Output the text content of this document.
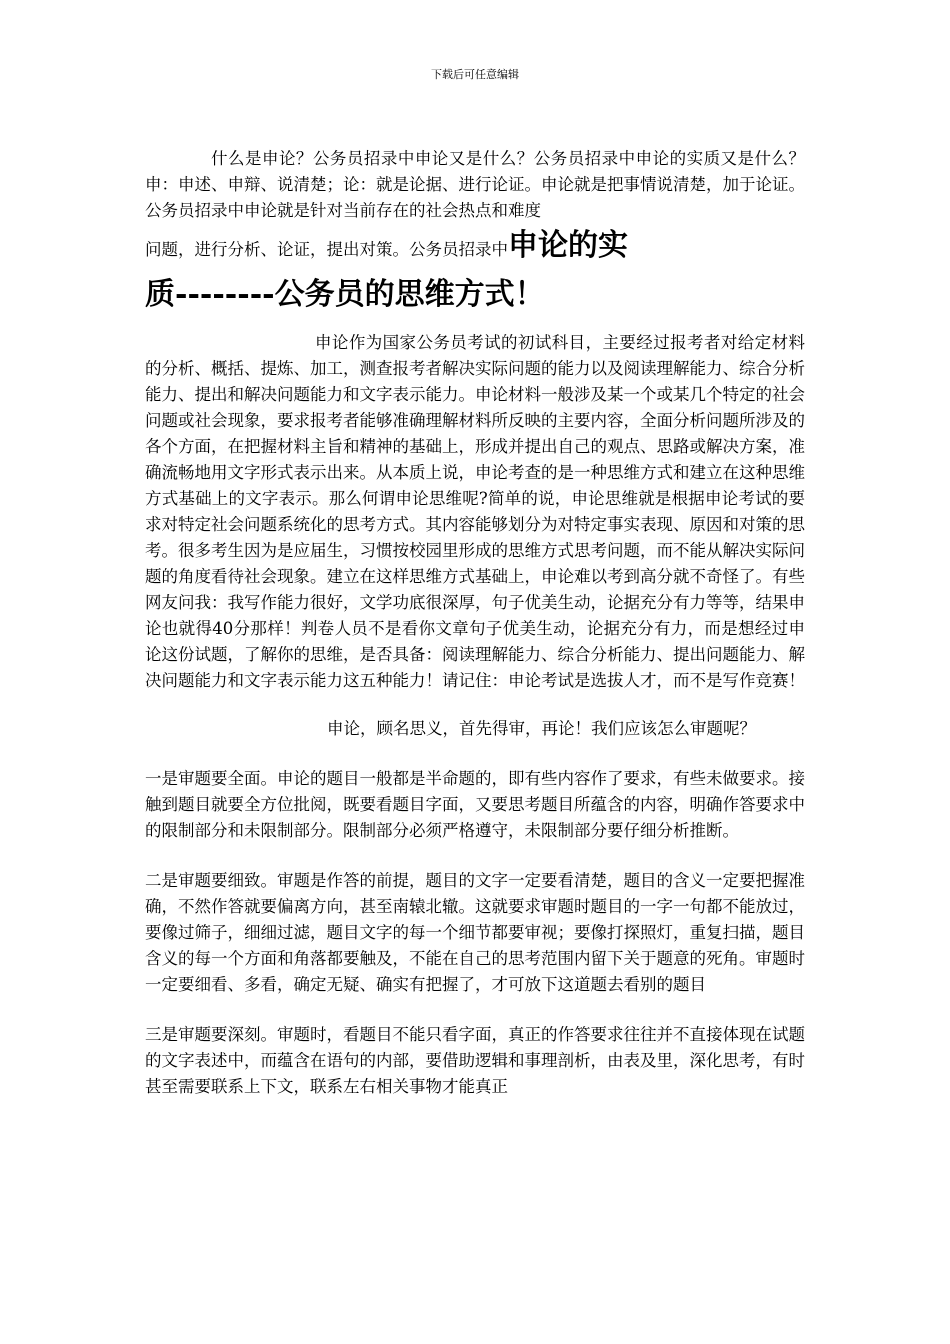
下载后可任意编辑

什么是申论？公务员招录中申论又是什么？公务员招录中申论的实质又是什么？申：申述、申辩、说清楚；论：就是论据、进行论证。申论就是把事情说清楚，加于论证。公务员招录中申论就是针对当前存在的社会热点和难度

问题，进行分析、论证，提出对策。公务员招录中申论的实

质--------公务员的思维方式！

申论作为国家公务员考试的初试科目，主要经过报考者对给定材料的分析、概括、提炼、加工，测查报考者解决实际问题的能力以及阅读理解能力、综合分析能力、提出和解决问题能力和文字表示能力。申论材料一般涉及某一个或某几个特定的社会问题或社会现象，要求报考者能够准确理解材料所反映的主要内容，全面分析问题所涉及的各个方面，在把握材料主旨和精神的基础上，形成并提出自己的观点、思路或解决方案，准确流畅地用文字形式表示出来。从本质上说，申论考查的是一种思维方式和建立在这种思维方式基础上的文字表示。那么何谓申论思维呢?简单的说，申论思维就是根据申论考试的要求对特定社会问题系统化的思考方式。其内容能够划分为对特定事实表现、原因和对策的思考。很多考生因为是应届生，习惯按校园里形成的思维方式思考问题，而不能从解决实际问题的角度看待社会现象。建立在这样思维方式基础上，申论难以考到高分就不奇怪了。有些网友问我：我写作能力很好，文学功底很深厚，句子优美生动，论据充分有力等等，结果申论也就得40分那样！判卷人员不是看你文章句子优美生动，论据充分有力，而是想经过申论这份试题，了解你的思维，是否具备：阅读理解能力、综合分析能力、提出问题能力、解决问题能力和文字表示能力这五种能力！请记住：申论考试是选拔人才，而不是写作竞赛！

申论，顾名思义，首先得审，再论！我们应该怎么审题呢？

一是审题要全面。申论的题目一般都是半命题的，即有些内容作了要求，有些未做要求。接触到题目就要全方位批阅，既要看题目字面，又要思考题目所蕴含的内容，明确作答要求中的限制部分和未限制部分。限制部分必须严格遵守，未限制部分要仔细分析推断。

二是审题要细致。审题是作答的前提，题目的文字一定要看清楚，题目的含义一定要把握准确，不然作答就要偏离方向，甚至南辕北辙。这就要求审题时题目的一字一句都不能放过，要像过筛子，细细过滤，题目文字的每一个细节都要审视；要像打探照灯，重复扫描，题目含义的每一个方面和角落都要触及，不能在自己的思考范围内留下关于题意的死角。审题时一定要细看、多看，确定无疑、确实有把握了，才可放下这道题去看别的题目

三是审题要深刻。审题时，看题目不能只看字面，真正的作答要求往往并不直接体现在试题的文字表述中，而蕴含在语句的内部，要借助逻辑和事理剖析，由表及里，深化思考，有时甚至需要联系上下文，联系左右相关事物才能真正
